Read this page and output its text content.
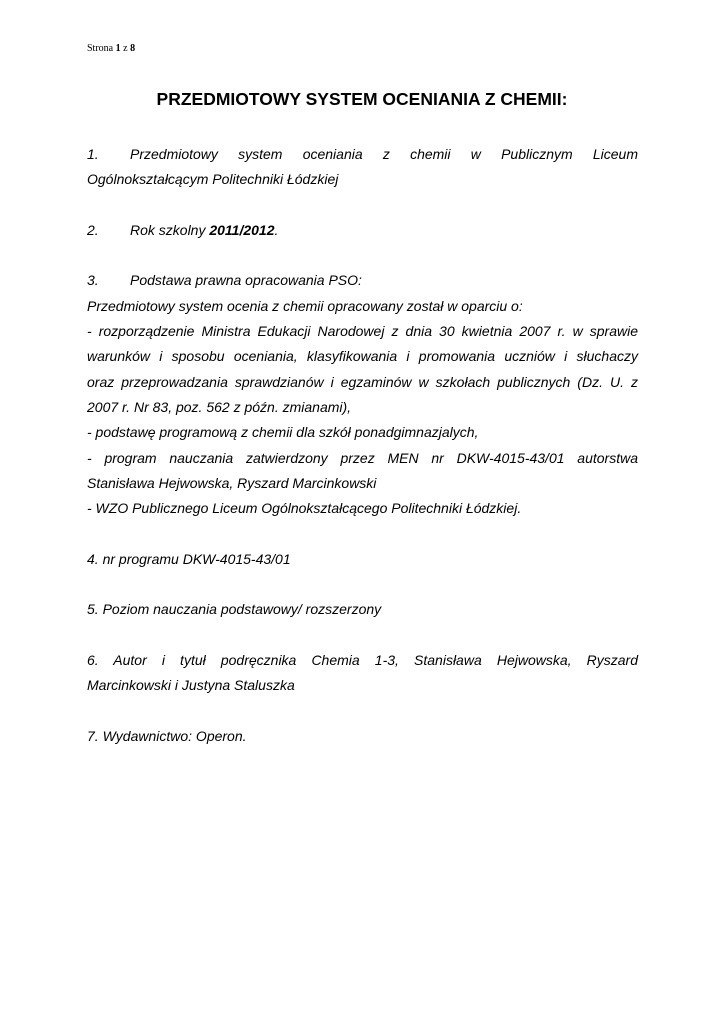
Strona 1 z 8
PRZEDMIOTOWY SYSTEM OCENIANIA Z CHEMII:
1. Przedmiotowy system oceniania z chemii w Publicznym Liceum
Ogólnokształcącym Politechniki Łódzkiej
2. Rok szkolny 2011/2012.
3. Podstawa prawna opracowania PSO:
Przedmiotowy system ocenia z chemii opracowany został w oparciu o:
- rozporządzenie Ministra Edukacji Narodowej z dnia 30 kwietnia 2007 r. w sprawie
warunków i sposobu oceniania, klasyfikowania i promowania uczniów i słuchaczy
oraz przeprowadzania sprawdzianów i egzaminów w szkołach publicznych (Dz. U. z
2007 r. Nr 83, poz. 562 z późn. zmianami),
- podstawę programową z chemii dla szkół ponadgimnazjalych,
- program nauczania zatwierdzony przez MEN nr DKW-4015-43/01 autorstwa
Stanisława Hejwowska, Ryszard Marcinkowski
- WZO Publicznego Liceum Ogólnokształcącego Politechniki Łódzkiej.
4. nr programu DKW-4015-43/01
5. Poziom nauczania podstawowy/ rozszerzony
6. Autor i tytuł podręcznika Chemia 1-3, Stanisława Hejwowska, Ryszard
Marcinkowski i Justyna Staluszka
7. Wydawnictwo: Operon.
